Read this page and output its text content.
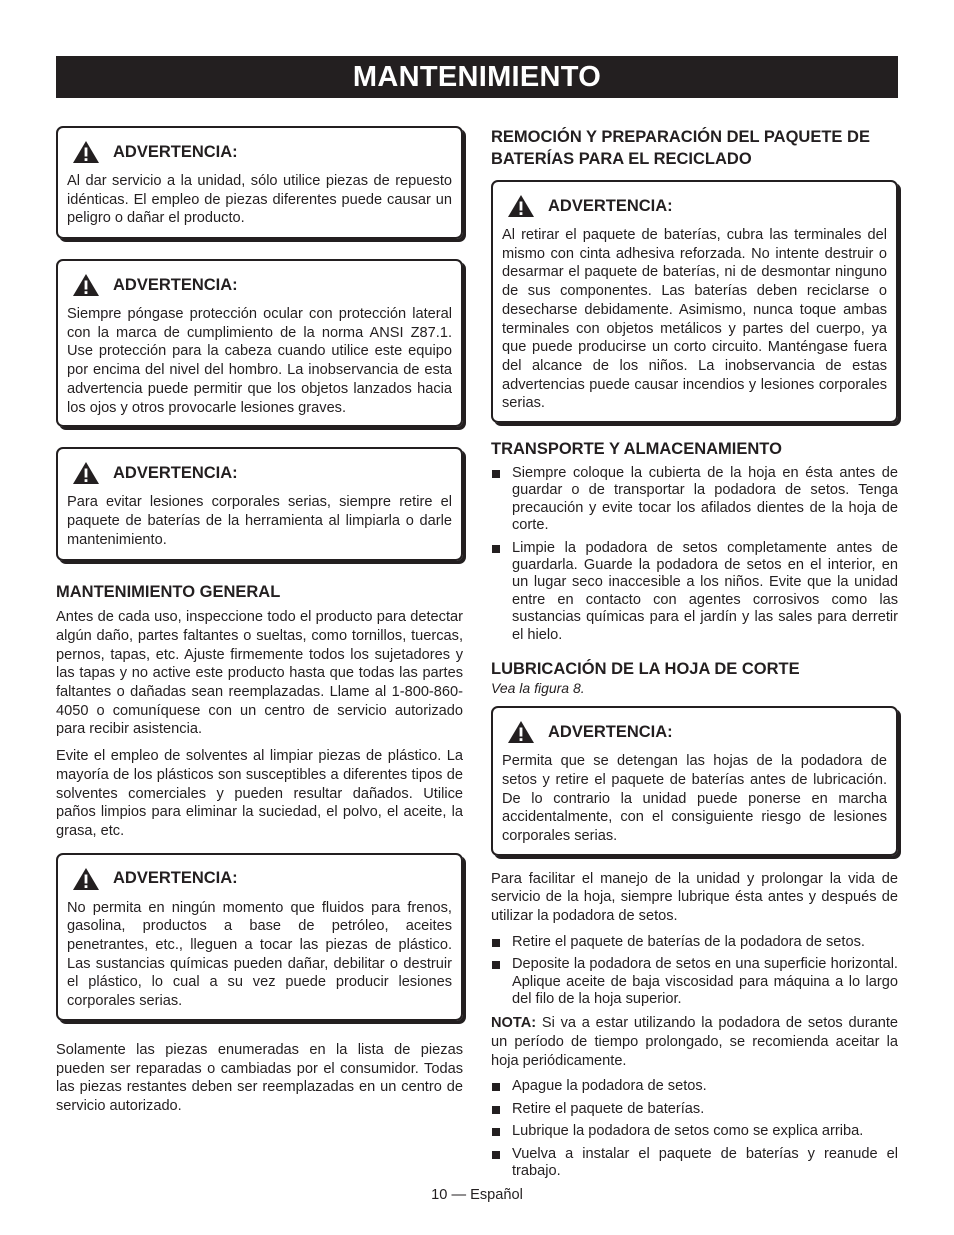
MANTENIMIENTO
ADVERTENCIA:
Al dar servicio a la unidad, sólo utilice piezas de repuesto idénticas. El empleo de piezas diferentes puede causar un peligro o dañar el producto.
ADVERTENCIA:
Siempre póngase protección ocular con protección lateral con la marca de cumplimiento de la norma ANSI Z87.1. Use protección para la cabeza cuando utilice este equipo por encima del nivel del hombro. La inobservancia de esta advertencia puede permitir que los objetos lanzados hacia los ojos y otros provocarle lesiones graves.
ADVERTENCIA:
Para evitar lesiones corporales serias, siempre retire el paquete de baterías de la herramienta al limpiarla o darle mantenimiento.
MANTENIMIENTO GENERAL

Antes de cada uso, inspeccione todo el producto para detectar algún daño, partes faltantes o sueltas, como tornillos, tuercas, pernos, tapas, etc. Ajuste firmemente todos los sujetadores y las tapas y no active este producto hasta que todas las partes faltantes o dañadas sean reemplazadas. Llame al 1-800-860-4050 o comuníquese con un centro de servicio autorizado para recibir asistencia.

Evite el empleo de solventes al limpiar piezas de plástico. La mayoría de los plásticos son susceptibles a diferentes tipos de solventes comerciales y pueden resultar dañados. Utilice paños limpios para eliminar la suciedad, el polvo, el aceite, la grasa, etc.

ADVERTENCIA:
No permita en ningún momento que fluidos para frenos, gasolina, productos a base de petróleo, aceites penetrantes, etc., lleguen a tocar las piezas de plástico. Las sustancias químicas pueden dañar, debilitar o destruir el plástico, lo cual a su vez puede producir lesiones corporales serias.

Solamente las piezas enumeradas en la lista de piezas pueden ser reparadas o cambiadas por el consumidor. Todas las piezas restantes deben ser reemplazadas en un centro de servicio autorizado.

REMOCIÓN Y PREPARACIÓN DEL PAQUETE DE BATERÍAS PARA EL RECICLADO
ADVERTENCIA:
Al retirar el paquete de baterías, cubra las terminales del mismo con cinta adhesiva reforzada. No intente destruir o desarmar el paquete de baterías, ni de desmontar ninguno de sus componentes. Las baterías deben reciclarse o desecharse debidamente. Asimismo, nunca toque ambas terminales con objetos metálicos y partes del cuerpo, ya que puede producirse un corto circuito. Manténgase fuera del alcance de los niños. La inobservancia de estas advertencias puede causar incendios y lesiones corporales serias.
TRANSPORTE Y ALMACENAMIENTO
Siempre coloque la cubierta de la hoja en ésta antes de guardar o de transportar la podadora de setos. Tenga precaución y evite tocar los afilados dientes de la hoja de corte.
Limpie la podadora de setos completamente antes de guardarla. Guarde la podadora de setos en el interior, en un lugar seco inaccesible a los niños. Evite que la unidad entre en contacto con agentes corrosivos como las sustancias químicas para el jardín y las sales para derretir el hielo.
LUBRICACIÓN DE LA HOJA DE CORTE
Vea la figura 8.
ADVERTENCIA:
Permita que se detengan las hojas de la podadora de setos y retire el paquete de baterías antes de lubricación. De lo contrario la unidad puede ponerse en marcha accidentalmente, con el consiguiente riesgo de lesiones corporales serias.

Para facilitar el manejo de la unidad y prolongar la vida de servicio de la hoja, siempre lubrique ésta antes y después de utilizar la podadora de setos.

Retire el paquete de baterías de la podadora de setos.
Deposite la podadora de setos en una superficie horizontal. Aplique aceite de baja viscosidad para máquina a lo largo del filo de la hoja superior.

NOTA: Si va a estar utilizando la podadora de setos durante un período de tiempo prolongado, se recomienda aceitar la hoja periódicamente.

Apague la podadora de setos.
Retire el paquete de baterías.
Lubrique la podadora de setos como se explica arriba.
Vuelva a instalar el paquete de baterías y reanude el trabajo.
10 — Español
